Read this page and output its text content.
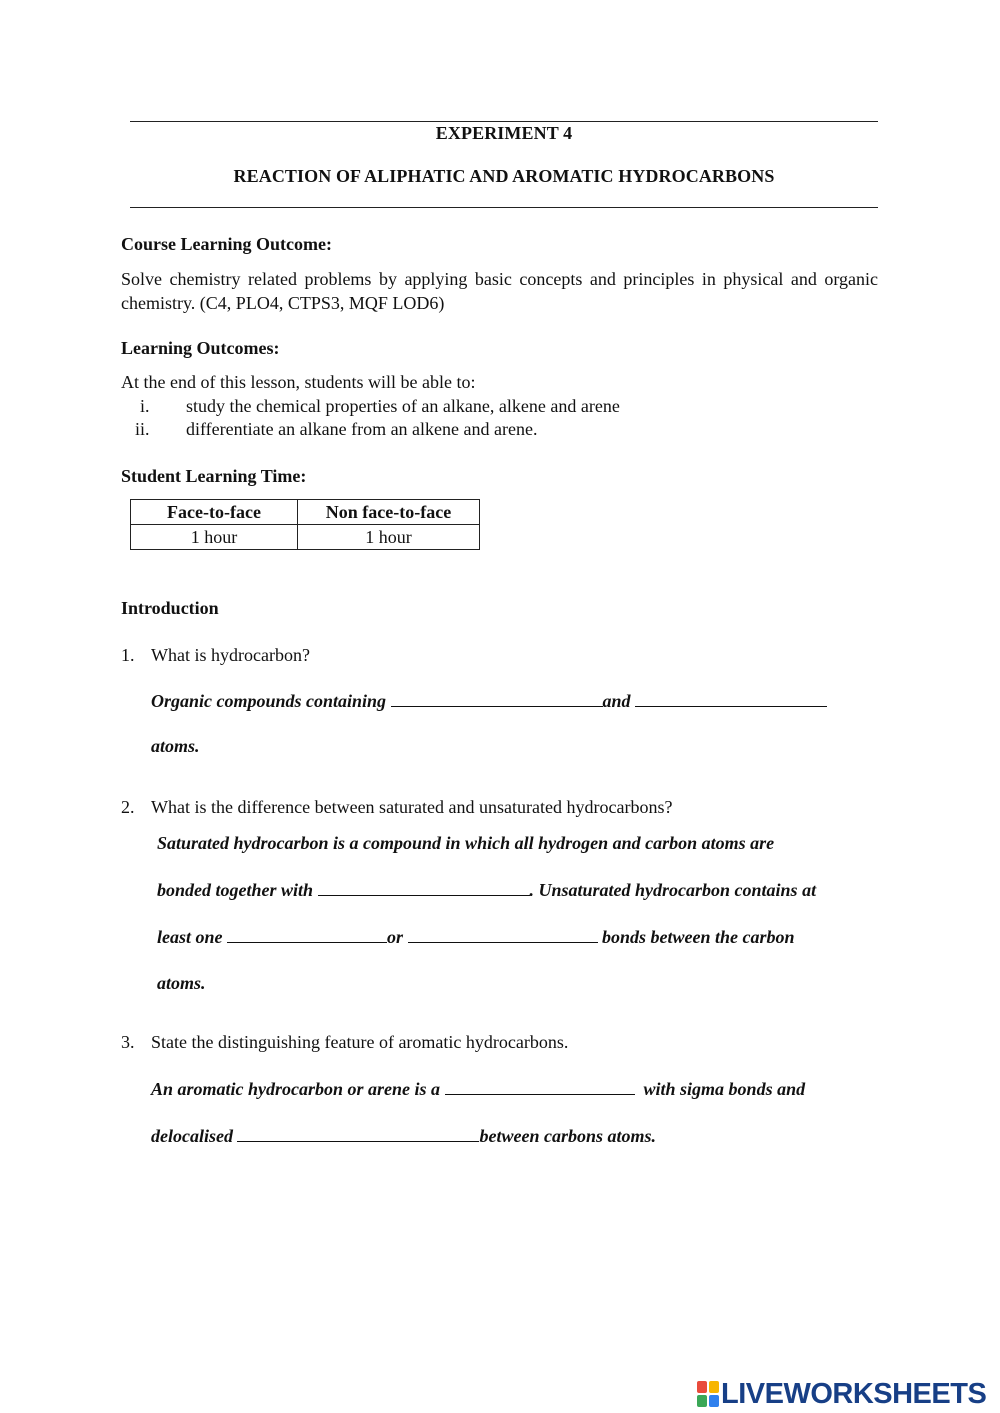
EXPERIMENT 4
REACTION OF ALIPHATIC AND AROMATIC HYDROCARBONS
Course Learning Outcome:
Solve chemistry related problems by applying basic concepts and principles in physical and organic chemistry. (C4, PLO4, CTPS3, MQF LOD6)
Learning Outcomes:
At the end of this lesson, students will be able to:
i. study the chemical properties of an alkane, alkene and arene
ii. differentiate an alkane from an alkene and arene.
Student Learning Time:
Face-to-face	Non face-to-face
1 hour	1 hour
Introduction
1. What is hydrocarbon?
Organic compounds containing	and
atoms.
2. What is the difference between saturated and unsaturated hydrocarbons?
Saturated hydrocarbon is a compound in which all hydrogen and carbon atoms are
bonded together with	. Unsaturated hydrocarbon contains at
least one	or	bonds between the carbon
atoms.
3. State the distinguishing feature of aromatic hydrocarbons.
An aromatic hydrocarbon or arene is a	with sigma bonds and
delocalised	between carbons atoms.
LIVEWORKSHEETS
